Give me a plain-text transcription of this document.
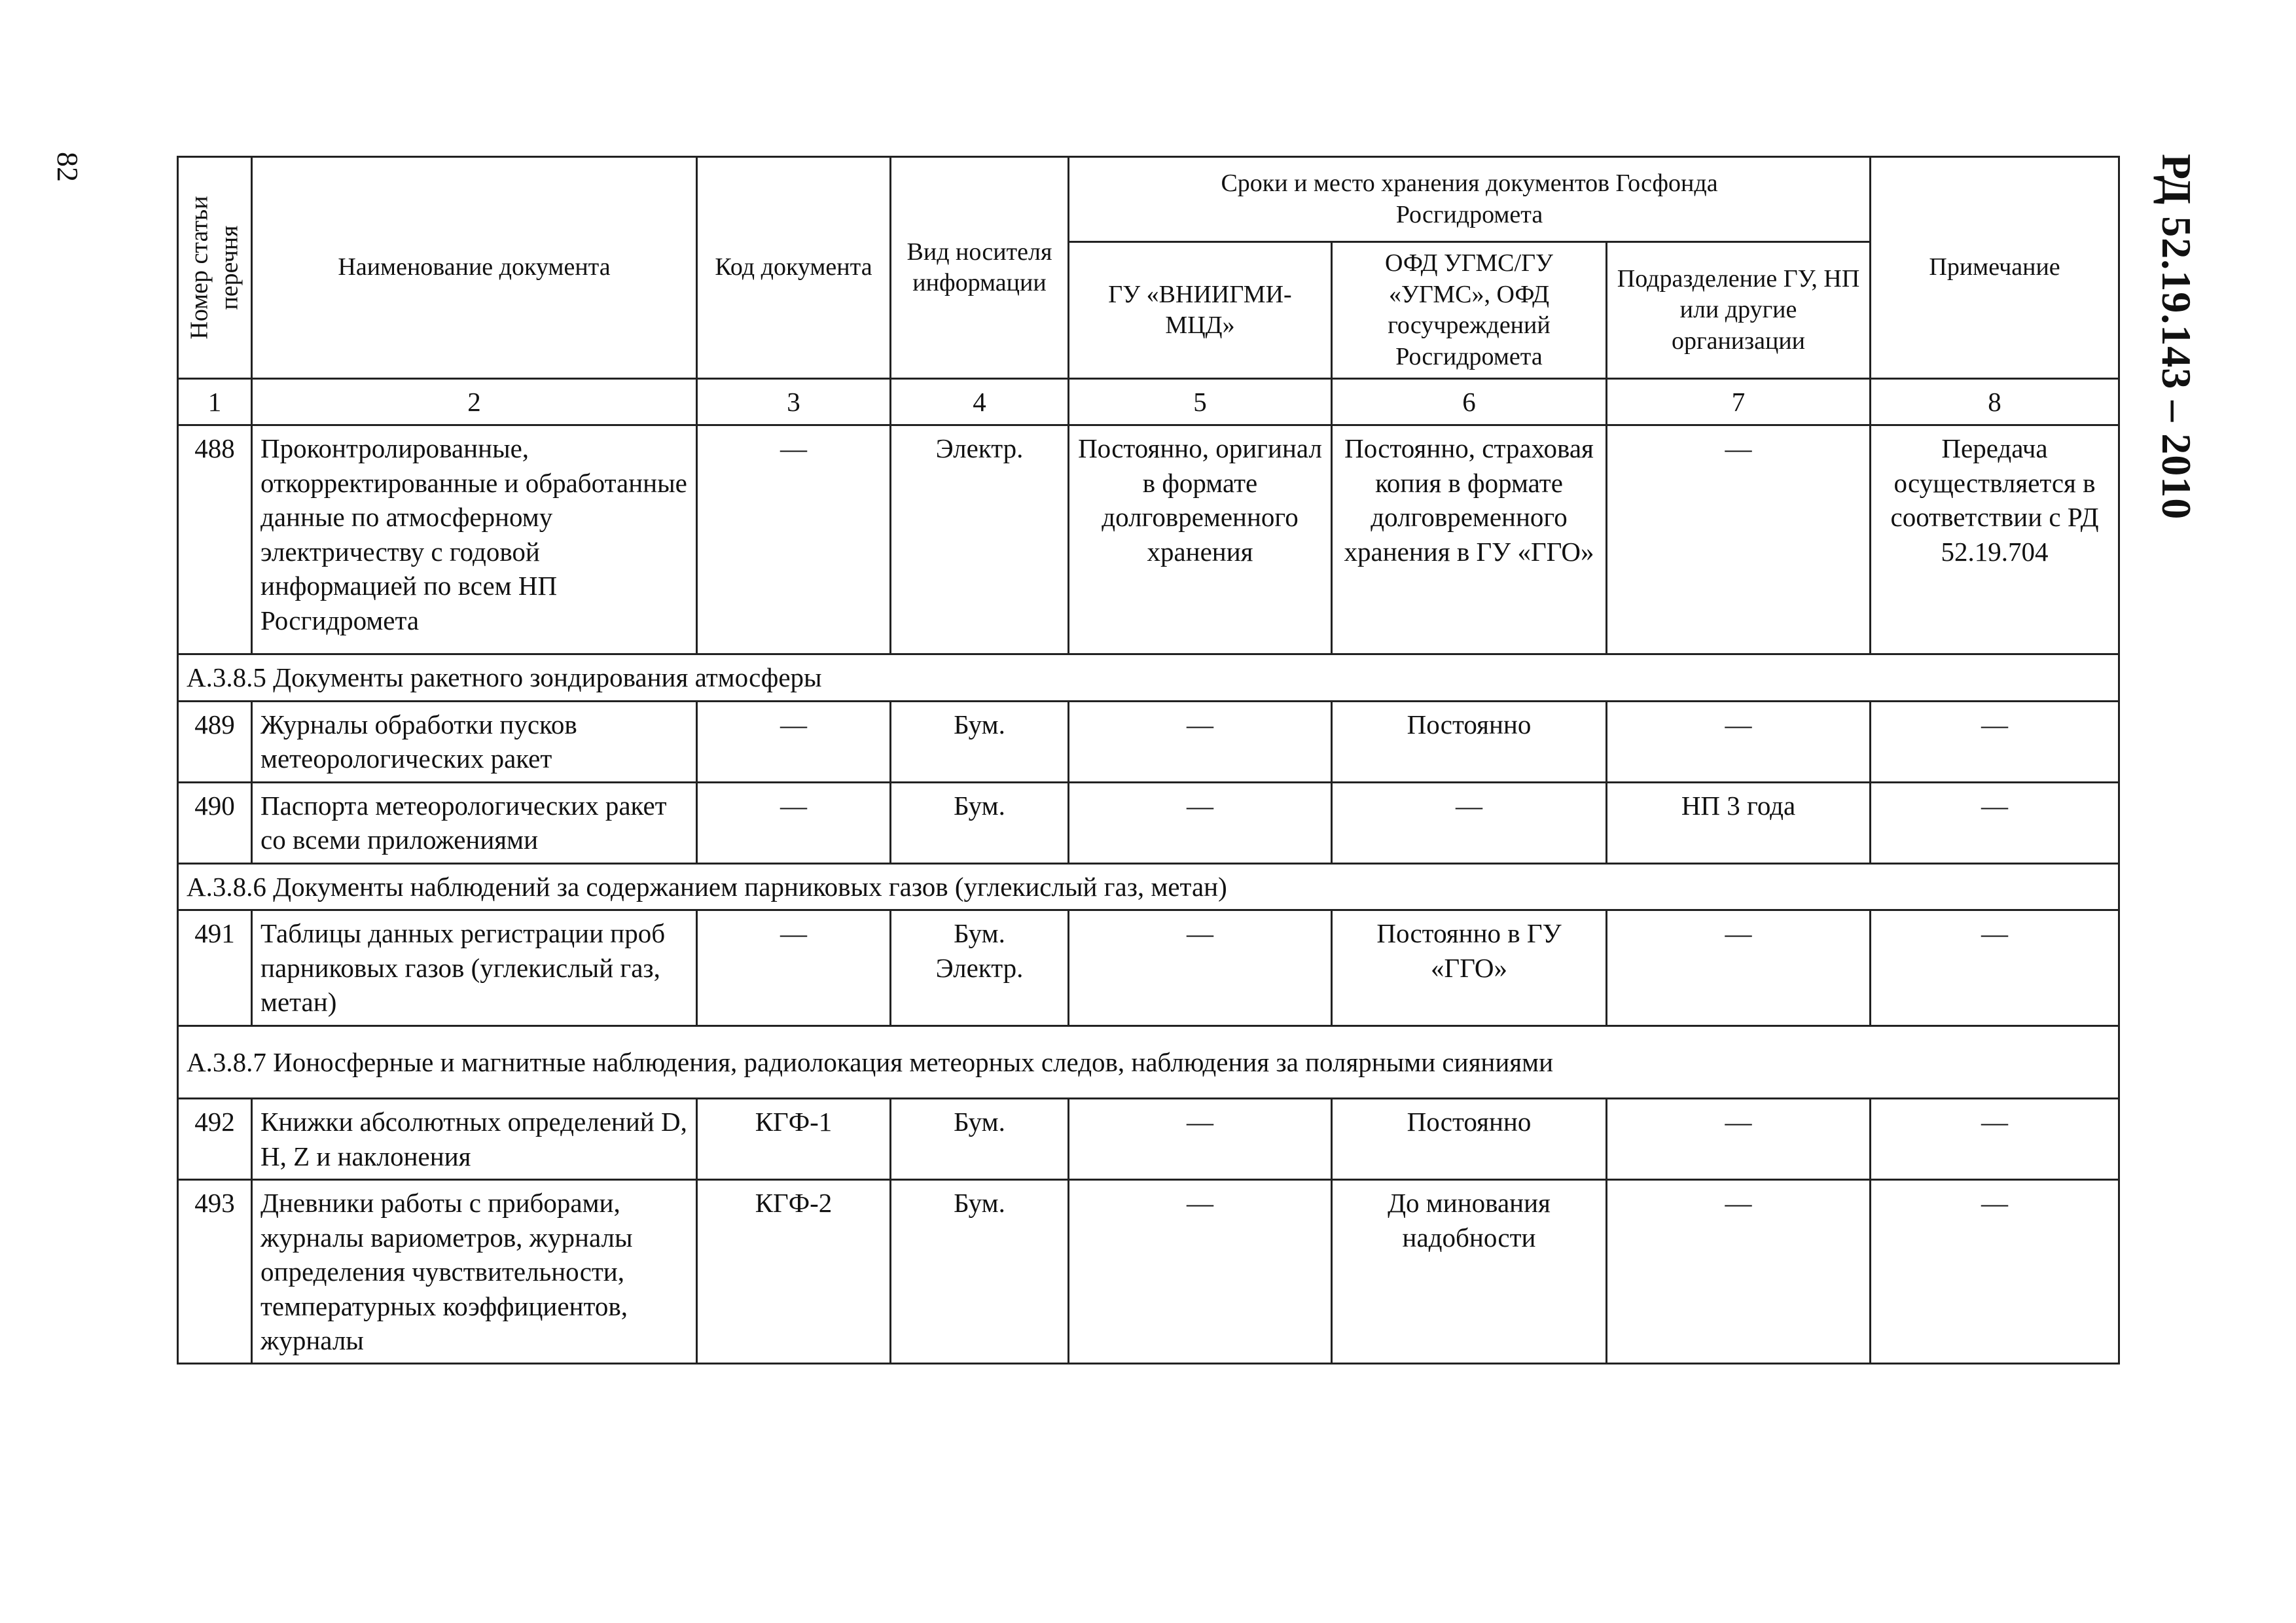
82	РД 52.19.143 – 2010
Номер статьи перечня	Наименование документа	Код документа	Вид носителя информации	Сроки и место хранения документов Госфонда Росгидромета			Примечание
				ГУ «ВНИИГМИ-МЦД»	ОФД УГМС/ГУ «УГМС», ОФД госучреждений Росгидромета	Подразделение ГУ, НП или другие организации	
1	2	3	4	5	6	7	8
488	Проконтролированные, откорректированные и обработанные данные по атмосферному электричеству с годовой информацией по всем НП Росгидромета	—	Электр.	Постоянно, оригинал в формате долговременного хранения	Постоянно, страховая копия в формате долговременного хранения в ГУ «ГГО»	—	Передача осуществляется в соответствии с РД 52.19.704
А.3.8.5 Документы ракетного зондирования атмосферы							
489	Журналы обработки пусков метеорологических ракет	—	Бум.	—	Постоянно	—	—
490	Паспорта метеорологических ракет со всеми приложениями	—	Бум.	—	—	НП 3 года	—
А.3.8.6 Документы наблюдений за содержанием парниковых газов (углекислый газ, метан)							
491	Таблицы данных регистрации проб парниковых газов (углекислый газ, метан)	—	Бум. Электр.	—	Постоянно в ГУ «ГГО»	—	—
А.3.8.7 Ионосферные и магнитные наблюдения, радиолокация метеорных следов, наблюдения за полярными сияниями							
492	Книжки абсолютных определений D, H, Z и наклонения	КГФ-1	Бум.	—	Постоянно	—	—
493	Дневники работы с приборами, журналы вариометров, журналы определения чувствительности, температурных коэффициентов, журналы	КГФ-2	Бум.	—	До минования надобности	—	—
